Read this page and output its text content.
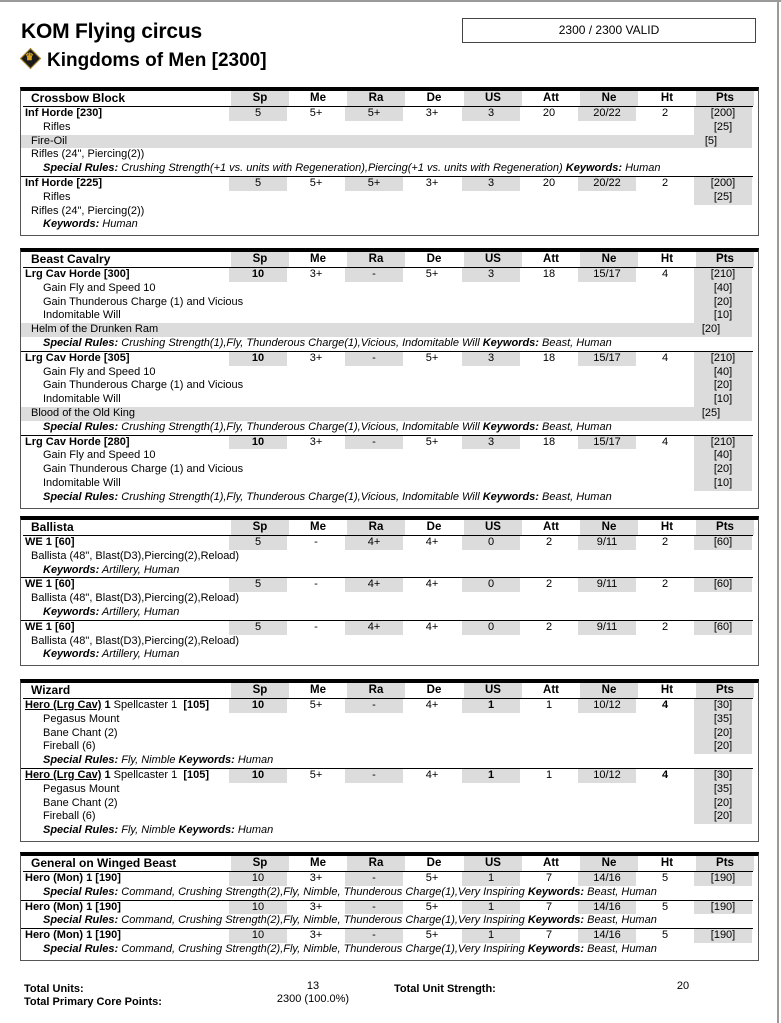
KOM Flying circus
♛ Kingdoms of Men [2300]
2300 / 2300 VALID
Crossbow Block	Sp	Me	Ra	De	US	Att	Ne	Ht	Pts
Inf Horde [230]	5	5+	5+	3+	3	20	20/22	2	[200]
Rifles	[25]
Fire-Oil	[5]
Rifles (24", Piercing(2))
Special Rules: Crushing Strength(+1 vs. units with Regeneration),Piercing(+1 vs. units with Regeneration) Keywords: Human
Inf Horde [225]	5	5+	5+	3+	3	20	20/22	2	[200]
Rifles	[25]
Rifles (24", Piercing(2))
Keywords: Human
Beast Cavalry	Sp	Me	Ra	De	US	Att	Ne	Ht	Pts
Lrg Cav Horde [300]	10	3+	-	5+	3	18	15/17	4	[210]
Gain Fly and Speed 10	[40]
Gain Thunderous Charge (1) and Vicious	[20]
Indomitable Will	[10]
Helm of the Drunken Ram	[20]
Special Rules: Crushing Strength(1),Fly, Thunderous Charge(1),Vicious, Indomitable Will Keywords: Beast, Human
Lrg Cav Horde [305]	10	3+	-	5+	3	18	15/17	4	[210]
Gain Fly and Speed 10	[40]
Gain Thunderous Charge (1) and Vicious	[20]
Indomitable Will	[10]
Blood of the Old King	[25]
Special Rules: Crushing Strength(1),Fly, Thunderous Charge(1),Vicious, Indomitable Will Keywords: Beast, Human
Lrg Cav Horde [280]	10	3+	-	5+	3	18	15/17	4	[210]
Gain Fly and Speed 10	[40]
Gain Thunderous Charge (1) and Vicious	[20]
Indomitable Will	[10]
Special Rules: Crushing Strength(1),Fly, Thunderous Charge(1),Vicious, Indomitable Will Keywords: Beast, Human
Ballista	Sp	Me	Ra	De	US	Att	Ne	Ht	Pts
WE 1 [60]	5	-	4+	4+	0	2	9/11	2	[60]
Ballista (48", Blast(D3),Piercing(2),Reload)
Keywords: Artillery, Human
WE 1 [60]	5	-	4+	4+	0	2	9/11	2	[60]
Ballista (48", Blast(D3),Piercing(2),Reload)
Keywords: Artillery, Human
WE 1 [60]	5	-	4+	4+	0	2	9/11	2	[60]
Ballista (48", Blast(D3),Piercing(2),Reload)
Keywords: Artillery, Human
Wizard	Sp	Me	Ra	De	US	Att	Ne	Ht	Pts
Hero (Lrg Cav) 1 Spellcaster 1  [105]	10	5+	-	4+	1	1	10/12	4	[30]
Pegasus Mount	[35]
Bane Chant (2)	[20]
Fireball (6)	[20]
Special Rules: Fly, Nimble Keywords: Human
Hero (Lrg Cav) 1 Spellcaster 1  [105]	10	5+	-	4+	1	1	10/12	4	[30]
Pegasus Mount	[35]
Bane Chant (2)	[20]
Fireball (6)	[20]
Special Rules: Fly, Nimble Keywords: Human
General on Winged Beast	Sp	Me	Ra	De	US	Att	Ne	Ht	Pts
Hero (Mon) 1 [190]	10	3+	-	5+	1	7	14/16	5	[190]
Special Rules: Command, Crushing Strength(2),Fly, Nimble, Thunderous Charge(1),Very Inspiring Keywords: Beast, Human
Hero (Mon) 1 [190]	10	3+	-	5+	1	7	14/16	5	[190]
Special Rules: Command, Crushing Strength(2),Fly, Nimble, Thunderous Charge(1),Very Inspiring Keywords: Beast, Human
Hero (Mon) 1 [190]	10	3+	-	5+	1	7	14/16	5	[190]
Special Rules: Command, Crushing Strength(2),Fly, Nimble, Thunderous Charge(1),Very Inspiring Keywords: Beast, Human
Total Units:	13
Total Primary Core Points:	2300 (100.0%)
Total Unit Strength:	20
